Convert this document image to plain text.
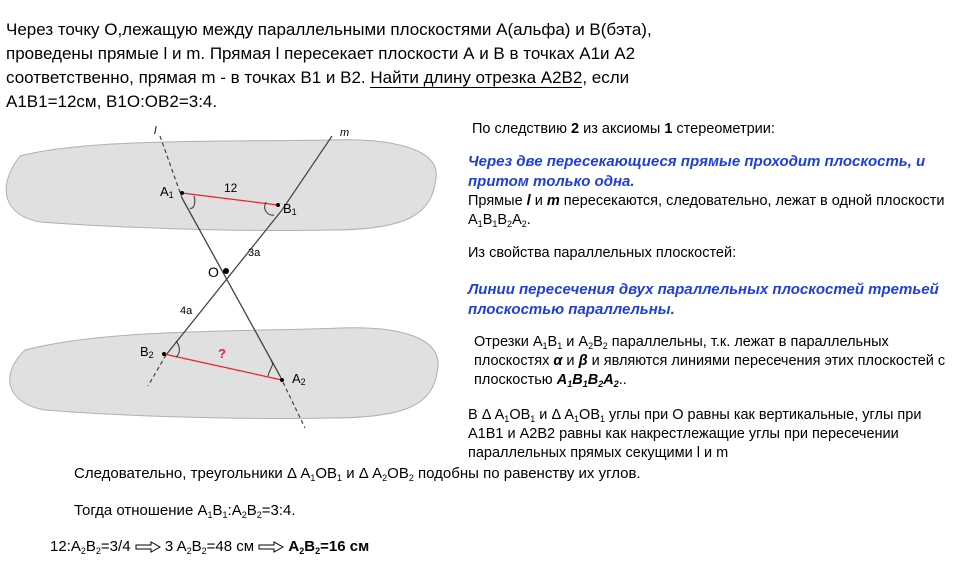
Через точку О,лежащую между параллельными плоскостями А(альфа) и В(бэта),
проведены прямые l и m. Прямая l пересекает плоскости А и В в точках А1и А2
соответственно, прямая m - в точках В1 и В2. Найти длину отрезка А2В2, если
А1В1=12см, В1О:ОВ2=3:4.
l	m
A1
B1
12
3a
O
4a
B2	?
A2
По следствию 2 из аксиомы 1 стереометрии:
Через две пересекающиеся прямые проходит плоскость, и притом только одна.
Прямые l и m пересекаются, следовательно, лежат в одной плоскости $A_1B_1B_2A_2$.
Из свойства параллельных плоскостей:
Линии пересечения двух параллельных плоскостей третьей плоскостью параллельны.
Отрезки $A_1B_1$ и $A_2B_2$ параллельны, т.к. лежат в параллельных плоскостях α и β и являются линиями пересечения этих плоскостей с плоскостью $A_1B_1B_2A_2$..
В Δ $A_1OB_1$ и Δ $A_1OB_1$ углы при О равны как вертикальные, углы при А1В1 и А2В2 равны как накрестлежащие углы при пересечении параллельных прямых секущими l и m
Следовательно, треугольники Δ $A_1OB_1$ и Δ $A_2OB_2$ подобны по равенству их углов.
Тогда отношение $A_1B_1:A_2B_2=3:4$.
$12:A_2B_2=3/4$ 3 $A_2B_2=48$ см $A_2B_2=16$ см
